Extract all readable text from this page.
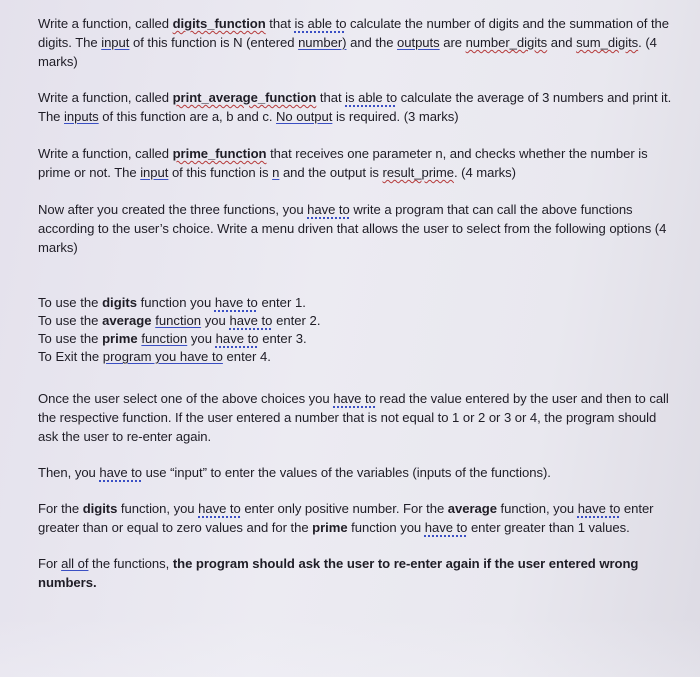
Write a function, called digits_function that is able to calculate the number of digits and the summation of the digits. The input of this function is N (entered number) and the outputs are number_digits and sum_digits. (4 marks)

Write a function, called print_average_function that is able to calculate the average of 3 numbers and print it. The inputs of this function are a, b and c. No output is required. (3 marks)

Write a function, called prime_function that receives one parameter n, and checks whether the number is prime or not. The input of this function is n and the output is result_prime. (4 marks)

Now after you created the three functions, you have to write a program that can call the above functions according to the user’s choice. Write a menu driven that allows the user to select from the following options (4 marks)

To use the digits function you have to enter 1.

To use the average function you have to enter 2.

To use the prime function you have to enter 3.

To Exit the program you have to enter 4.

Once the user select one of the above choices you have to read the value entered by the user and then to call the respective function. If the user entered a number that is not equal to 1 or 2 or 3 or 4, the program should ask the user to re-enter again.

Then, you have to use “input” to enter the values of the variables (inputs of the functions).

For the digits function, you have to enter only positive number. For the average function, you have to enter greater than or equal to zero values and for the prime function you have to enter greater than 1 values.

For all of the functions, the program should ask the user to re-enter again if the user entered wrong numbers.
